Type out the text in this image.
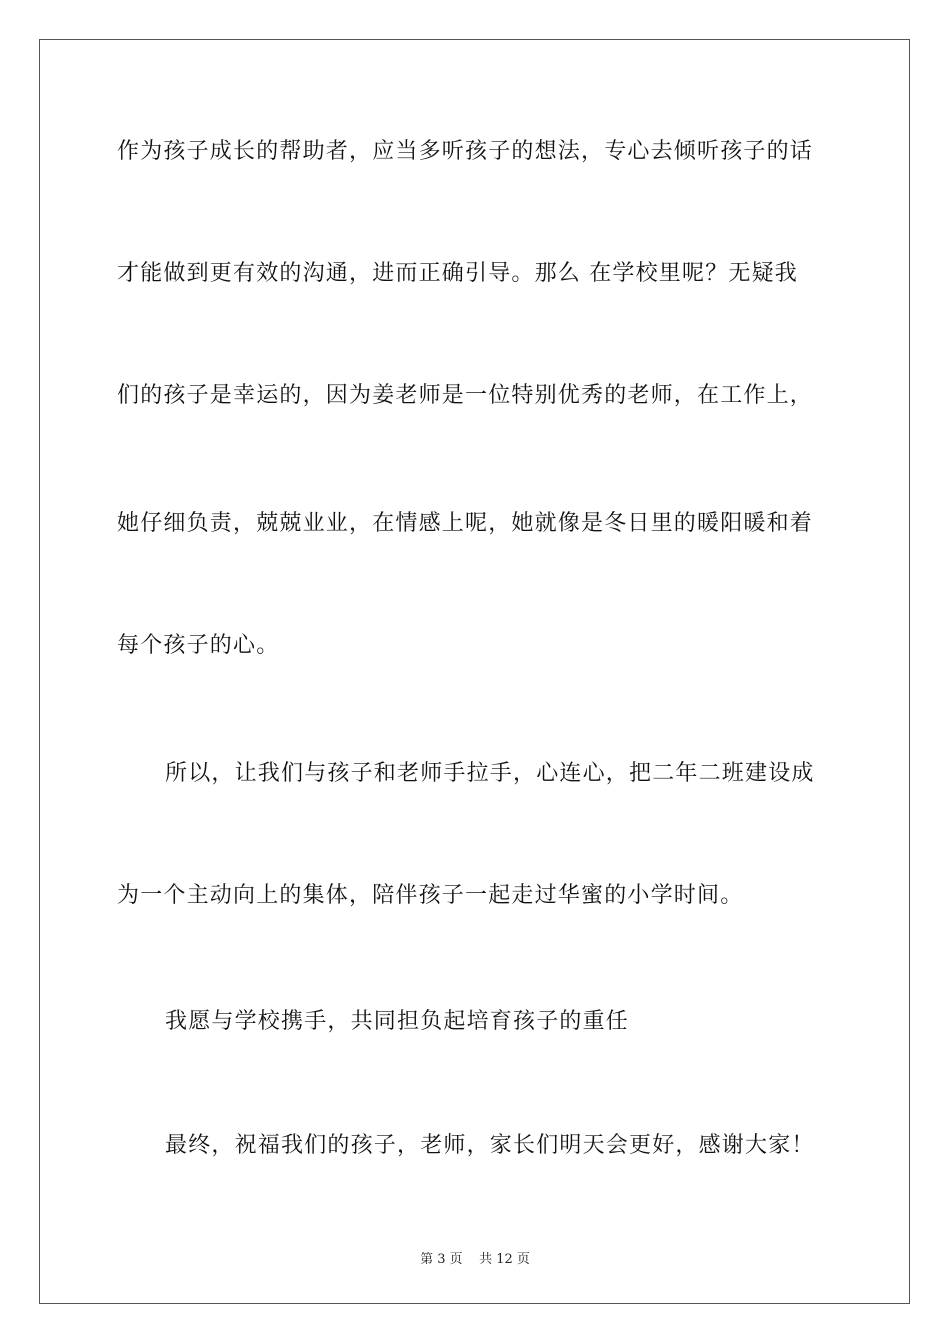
作为孩子成长的帮助者，应当多听孩子的想法，专心去倾听孩子的话
才能做到更有效的沟通，进而正确引导。那么 在学校里呢？无疑我
们的孩子是幸运的，因为姜老师是一位特别优秀的老师，在工作上，
她仔细负责，兢兢业业，在情感上呢，她就像是冬日里的暖阳暖和着
每个孩子的心。
所以，让我们与孩子和老师手拉手，心连心，把二年二班建设成
为一个主动向上的集体，陪伴孩子一起走过华蜜的小学时间。
我愿与学校携手，共同担负起培育孩子的重任
最终，祝福我们的孩子，老师，家长们明天会更好，感谢大家！
第 3 页    共 12 页
